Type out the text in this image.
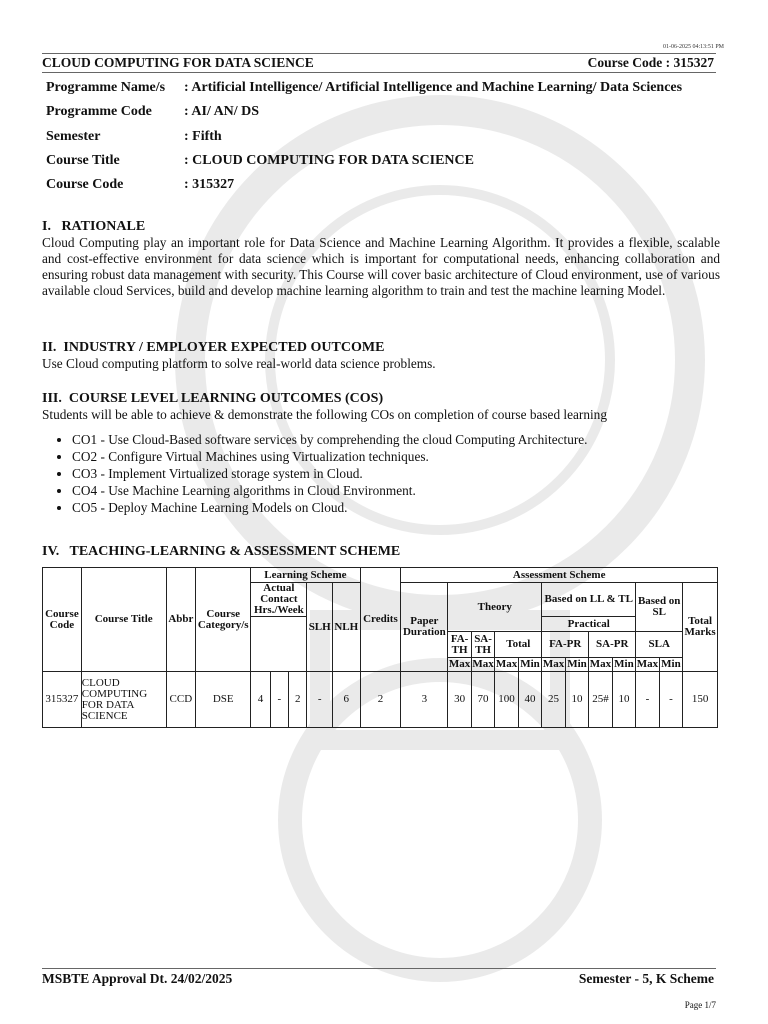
01-06-2025 04:13:51 PM
CLOUD COMPUTING FOR DATA SCIENCE	Course Code : 315327
Programme Name/s	: Artificial Intelligence/ Artificial Intelligence and Machine Learning/ Data Sciences
Programme Code	: AI/ AN/ DS
Semester	: Fifth
Course Title	: CLOUD COMPUTING FOR DATA SCIENCE
Course Code	: 315327
I.   RATIONALE

Cloud Computing play an important role for Data Science and Machine Learning Algorithm. It provides a flexible, scalable and cost-effective environment for data science which is important for computational needs, enhancing collaboration and ensuring robust data management with security. This Course will cover basic architecture of Cloud environment, use of various available cloud Services, build and develop machine learning algorithm to train and test the machine learning Model.

II.  INDUSTRY / EMPLOYER EXPECTED OUTCOME

Use Cloud computing platform to solve real-world data science problems.

III.  COURSE LEVEL LEARNING OUTCOMES (COS)

Students will be able to achieve & demonstrate the following COs on completion of course based learning

• CO1 - Use Cloud-Based software services by comprehending the cloud Computing Architecture.
• CO2 - Configure Virtual Machines using Virtualization techniques.
• CO3 - Implement Virtualized storage system in Cloud.
• CO4 - Use Machine Learning algorithms in Cloud Environment.
• CO5 - Deploy Machine Learning Models on Cloud.
IV.   TEACHING-LEARNING & ASSESSMENT SCHEME
Course Code	Course Title	Abbr	Course Category/s	Learning Scheme					Credits	Assessment Scheme											
				Actual Contact Hrs./Week			SLH	NLH		Paper Duration	Theory				Based on LL & TL				Based on SL		Total Marks
															Practical						
											FA-TH	SA-TH	Total		FA-PR		SA-PR		SLA		
											Max	Max	Max	Min	Max	Min	Max	Min	Max	Min	
315327	CLOUD COMPUTING FOR DATA SCIENCE	CCD	DSE	4	-	2	-	6	2	3	30	70	100	40	25	10	25#	10	-	-	150
MSBTE Approval Dt. 24/02/2025	Semester - 5, K Scheme
Page 1/7
